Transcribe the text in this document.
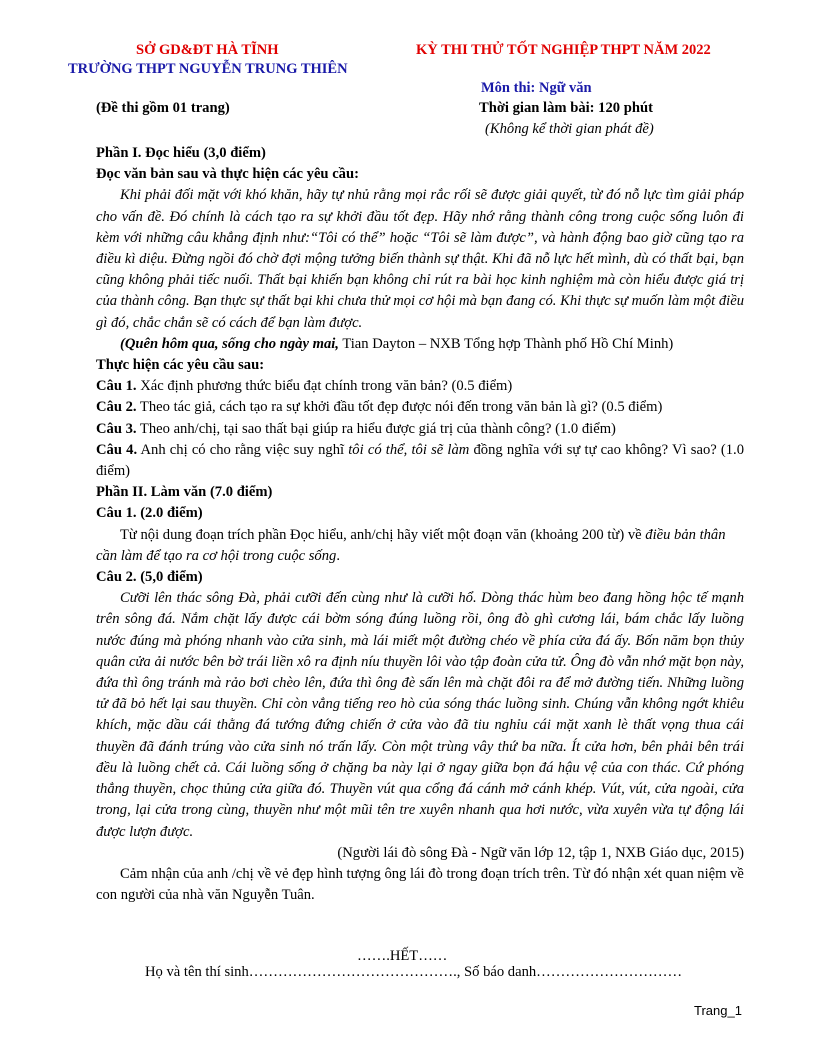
SỞ GD&ĐT HÀ TĨNH
TRƯỜNG THPT NGUYỄN TRUNG THIÊN
KỲ THI THỬ TỐT NGHIỆP THPT NĂM 2022
Môn thi: Ngữ văn
(Đề thi gồm 01 trang)	Thời gian làm bài: 120 phút
(Không kể thời gian phát đề)

Phần I. Đọc hiểu (3,0 điểm)

Đọc văn bản sau và thực hiện các yêu cầu:

Khi phải đối mặt với khó khăn, hãy tự nhủ rằng mọi rắc rối sẽ được giải quyết, từ đó nỗ lực tìm giải pháp cho vấn đề. Đó chính là cách tạo ra sự khởi đầu tốt đẹp. Hãy nhớ rằng thành công trong cuộc sống luôn đi kèm với những câu khẳng định như:“Tôi có thể” hoặc “Tôi sẽ làm được”, và hành động bao giờ cũng tạo ra điều kì diệu. Đừng ngồi đó chờ đợi mộng tưởng biến thành sự thật. Khi đã nỗ lực hết mình, dù có thất bại, bạn cũng không phải tiếc nuối. Thất bại khiến bạn không chỉ rút ra bài học kinh nghiệm mà còn hiểu được giá trị của thành công. Bạn thực sự thất bại khi chưa thử mọi cơ hội mà bạn đang có. Khi thực sự muốn làm một điều gì đó, chắc chắn sẽ có cách để bạn làm được.

(Quên hôm qua, sống cho ngày mai, Tian Dayton – NXB Tổng hợp Thành phố Hồ Chí Minh)

Thực hiện các yêu cầu sau:

Câu 1. Xác định phương thức biểu đạt chính trong văn bản? (0.5 điểm)

Câu 2. Theo tác giả, cách tạo ra sự khởi đầu tốt đẹp được nói đến trong văn bản là gì? (0.5 điểm)

Câu 3. Theo anh/chị, tại sao thất bại giúp ra hiểu được giá trị của thành công? (1.0 điểm)

Câu 4. Anh chị có cho rằng việc suy nghĩ tôi có thể, tôi sẽ làm đồng nghĩa với sự tự cao không? Vì sao? (1.0 điểm)

Phần II. Làm văn (7.0 điểm)

Câu 1. (2.0 điểm)

Từ nội dung đoạn trích phần Đọc hiểu, anh/chị hãy viết một đoạn văn (khoảng 200 từ) về điều bản thân cần làm để tạo ra cơ hội trong cuộc sống.

Câu 2. (5,0 điểm)

Cưỡi lên thác sông Đà, phải cưỡi đến cùng như là cưỡi hổ. Dòng thác hùm beo đang hồng hộc tế mạnh trên sông đá. Nắm chặt lấy được cái bờm sóng đúng luồng rồi, ông đò ghì cương lái, bám chắc lấy luồng nước đúng mà phóng nhanh vào cửa sinh, mà lái miết một đường chéo về phía cửa đá ấy. Bốn năm bọn thủy quân cửa ải nước bên bờ trái liền xô ra định níu thuyền lôi vào tập đoàn cửa tử. Ông đò vẫn nhớ mặt bọn này, đứa thì ông tránh mà rảo bơi chèo lên, đứa thì ông đè sấn lên mà chặt đôi ra để mở đường tiến. Những luồng tử đã bỏ hết lại sau thuyền. Chỉ còn vẳng tiếng reo hò của sóng thác luồng sinh. Chúng vẫn không ngớt khiêu khích, mặc dầu cái thằng đá tướng đứng chiến ở cửa vào đã tiu nghỉu cái mặt xanh lè thất vọng thua cái thuyền đã đánh trúng vào cửa sinh nó trấn lấy. Còn một trùng vây thứ ba nữa. Ít cửa hơn, bên phải bên trái đều là luồng chết cả. Cái luồng sống ở chặng ba này lại ở ngay giữa bọn đá hậu vệ của con thác. Cứ phóng thẳng thuyền, chọc thủng cửa giữa đó. Thuyền vút qua cổng đá cánh mở cánh khép. Vút, vút, cửa ngoài, cửa trong, lại cửa trong cùng, thuyền như một mũi tên tre xuyên nhanh qua hơi nước, vừa xuyên vừa tự động lái được lượn được.

(Người lái đò sông Đà - Ngữ văn lớp 12, tập 1, NXB Giáo dục, 2015)

Cảm nhận của anh /chị về vẻ đẹp hình tượng ông lái đò trong đoạn trích trên. Từ đó nhận xét quan niệm về con người của nhà văn Nguyễn Tuân.

…….HẾT……
Họ và tên thí sinh……………………………………., Số báo danh…………………………
Trang_1
